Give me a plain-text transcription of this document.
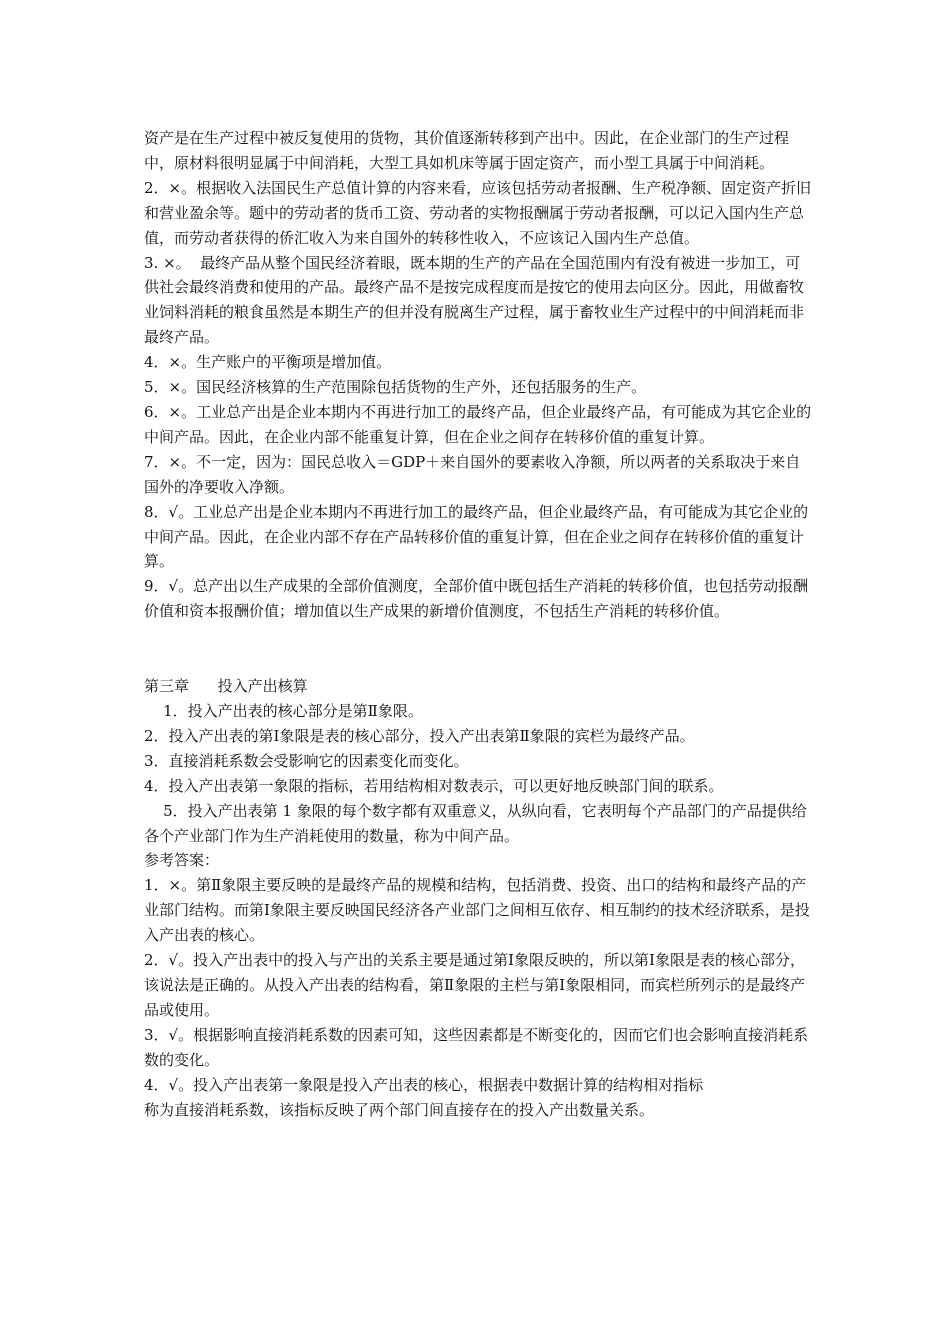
资产是在生产过程中被反复使用的货物，其价值逐渐转移到产出中。因此，在企业部门的生产过程中，原材料很明显属于中间消耗，大型工具如机床等属于固定资产，而小型工具属于中间消耗。

2．×。根据收入法国民生产总值计算的内容来看，应该包括劳动者报酬、生产税净额、固定资产折旧和营业盈余等。题中的劳动者的货币工资、劳动者的实物报酬属于劳动者报酬，可以记入国内生产总值，而劳动者获得的侨汇收入为来自国外的转移性收入，不应该记入国内生产总值。

3. ×。  最终产品从整个国民经济着眼，既本期的生产的产品在全国范围内有没有被进一步加工，可供社会最终消费和使用的产品。最终产品不是按完成程度而是按它的使用去向区分。因此，用做畜牧业饲料消耗的粮食虽然是本期生产的但并没有脱离生产过程，属于畜牧业生产过程中的中间消耗而非最终产品。

4．×。生产账户的平衡项是增加值。

5．×。国民经济核算的生产范围除包括货物的生产外，还包括服务的生产。

6．×。工业总产出是企业本期内不再进行加工的最终产品，但企业最终产品，有可能成为其它企业的中间产品。因此，在企业内部不能重复计算，但在企业之间存在转移价值的重复计算。

7．×。不一定，因为：国民总收入＝GDP＋来自国外的要素收入净额，所以两者的关系取决于来自国外的净要收入净额。

8．√。工业总产出是企业本期内不再进行加工的最终产品，但企业最终产品，有可能成为其它企业的中间产品。因此，在企业内部不存在产品转移价值的重复计算，但在企业之间存在转移价值的重复计算。

9．√。总产出以生产成果的全部价值测度，全部价值中既包括生产消耗的转移价值，也包括劳动报酬价值和资本报酬价值；增加值以生产成果的新增价值测度，不包括生产消耗的转移价值。

第三章      投入产出核算

1．投入产出表的核心部分是第Ⅱ象限。

2．投入产出表的第Ⅰ象限是表的核心部分，投入产出表第Ⅱ象限的宾栏为最终产品。

3．直接消耗系数会受影响它的因素变化而变化。

4．投入产出表第一象限的指标，若用结构相对数表示，可以更好地反映部门间的联系。

5．投入产出表第 1 象限的每个数字都有双重意义，从纵向看，它表明每个产品部门的产品提供给各个产业部门作为生产消耗使用的数量，称为中间产品。

参考答案：

1．×。第Ⅱ象限主要反映的是最终产品的规模和结构，包括消费、投资、出口的结构和最终产品的产业部门结构。而第Ⅰ象限主要反映国民经济各产业部门之间相互依存、相互制约的技术经济联系，是投入产出表的核心。

2．√。投入产出表中的投入与产出的关系主要是通过第Ⅰ象限反映的，所以第Ⅰ象限是表的核心部分，该说法是正确的。从投入产出表的结构看，第Ⅱ象限的主栏与第Ⅰ象限相同，而宾栏所列示的是最终产品或使用。

3．√。根据影响直接消耗系数的因素可知，这些因素都是不断变化的，因而它们也会影响直接消耗系数的变化。

4．√。投入产出表第一象限是投入产出表的核心，根据表中数据计算的结构相对指标
称为直接消耗系数，该指标反映了两个部门间直接存在的投入产出数量关系。
